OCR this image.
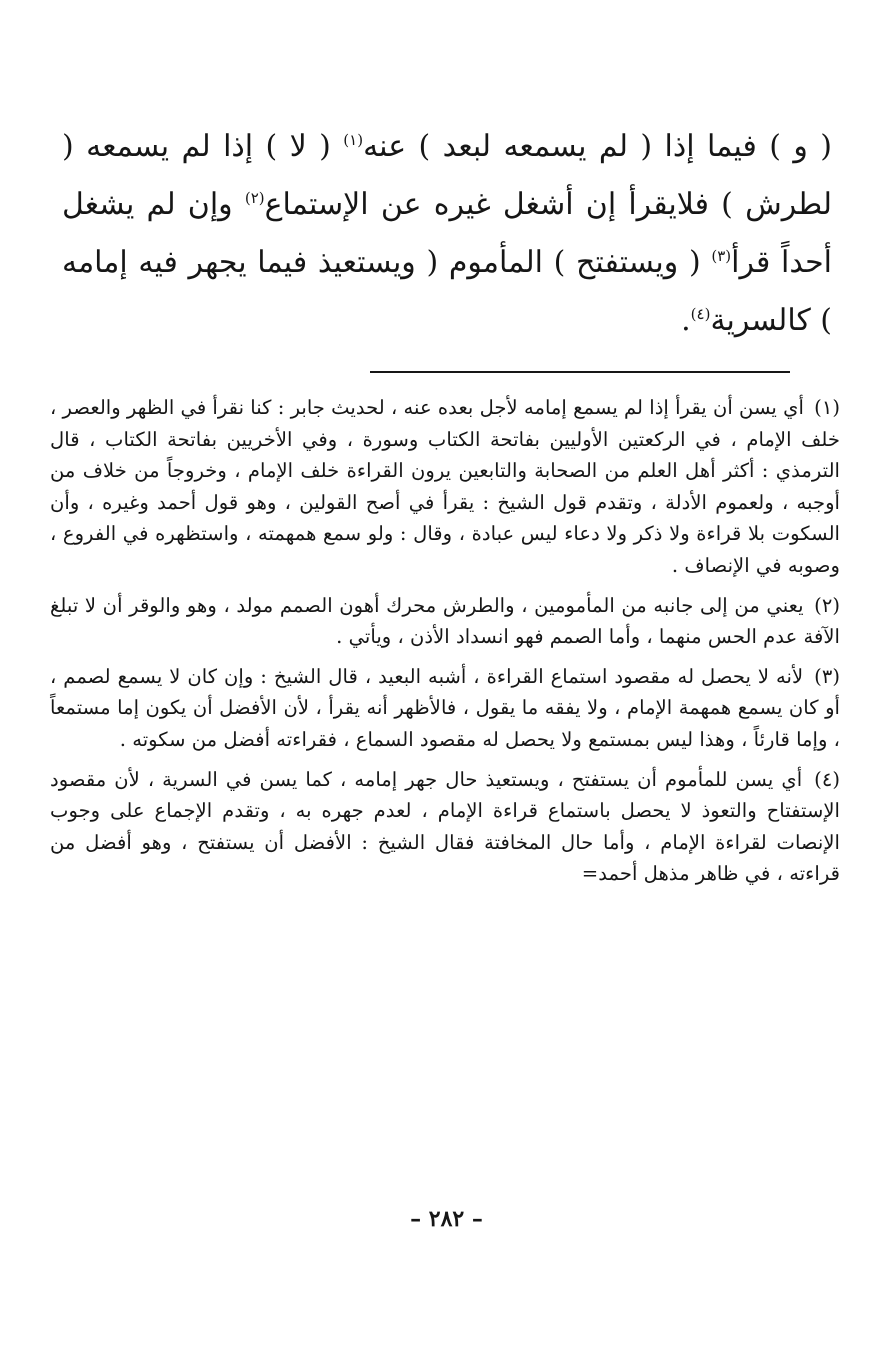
( و ) فيما إذا ( لم يسمعه لبعد ) عنه$^{(١)}$ ( لا ) إذا لم يسمعه ( لطرش ) فلايقرأ إن أشغل غيره عن الإستماع$^{(٢)}$ وإن لم يشغل أحداً قرأ$^{(٣)}$ ( ويستفتح ) المأموم ( ويستعيذ فيما يجهر فيه إمامه ) كالسرية$^{(٤)}$.

(١) أي يسن أن يقرأ إذا لم يسمع إمامه لأجل بعده عنه ، لحديث جابر : كنا نقرأ في الظهر والعصر ، خلف الإمام ، في الركعتين الأوليين بفاتحة الكتاب وسورة ، وفي الأخريين بفاتحة الكتاب ، قال الترمذي : أكثر أهل العلم من الصحابة والتابعين يرون القراءة خلف الإمام ، وخروجاً من خلاف من أوجبه ، ولعموم الأدلة ، وتقدم قول الشيخ : يقرأ في أصح القولين ، وهو قول أحمد وغيره ، وأن السكوت بلا قراءة ولا ذكر ولا دعاء ليس عبادة ، وقال : ولو سمع همهمته ، واستظهره في الفروع ، وصوبه في الإنصاف .

(٢) يعني من إلى جانبه من المأمومين ، والطرش محرك أهون الصمم مولد ، وهو والوقر أن لا تبلغ الآفة عدم الحس منهما ، وأما الصمم فهو انسداد الأذن ، ويأتي .

(٣) لأنه لا يحصل له مقصود استماع القراءة ، أشبه البعيد ، قال الشيخ : وإن كان لا يسمع لصمم ، أو كان يسمع همهمة الإمام ، ولا يفقه ما يقول ، فالأظهر أنه يقرأ ، لأن الأفضل أن يكون إما مستمعاً ، وإما قارئاً ، وهذا ليس بمستمع ولا يحصل له مقصود السماع ، فقراءته أفضل من سكوته .

(٤) أي يسن للمأموم أن يستفتح ، ويستعيذ حال جهر إمامه ، كما يسن في السرية ، لأن مقصود الإستفتاح والتعوذ لا يحصل باستماع قراءة الإمام ، لعدم جهره به ، وتقدم الإجماع على وجوب الإنصات لقراءة الإمام ، وأما حال المخافتة فقال الشيخ : الأفضل أن يستفتح ، وهو أفضل من قراءته ، في ظاهر مذهل أحمد=

– ٢٨٢ –
